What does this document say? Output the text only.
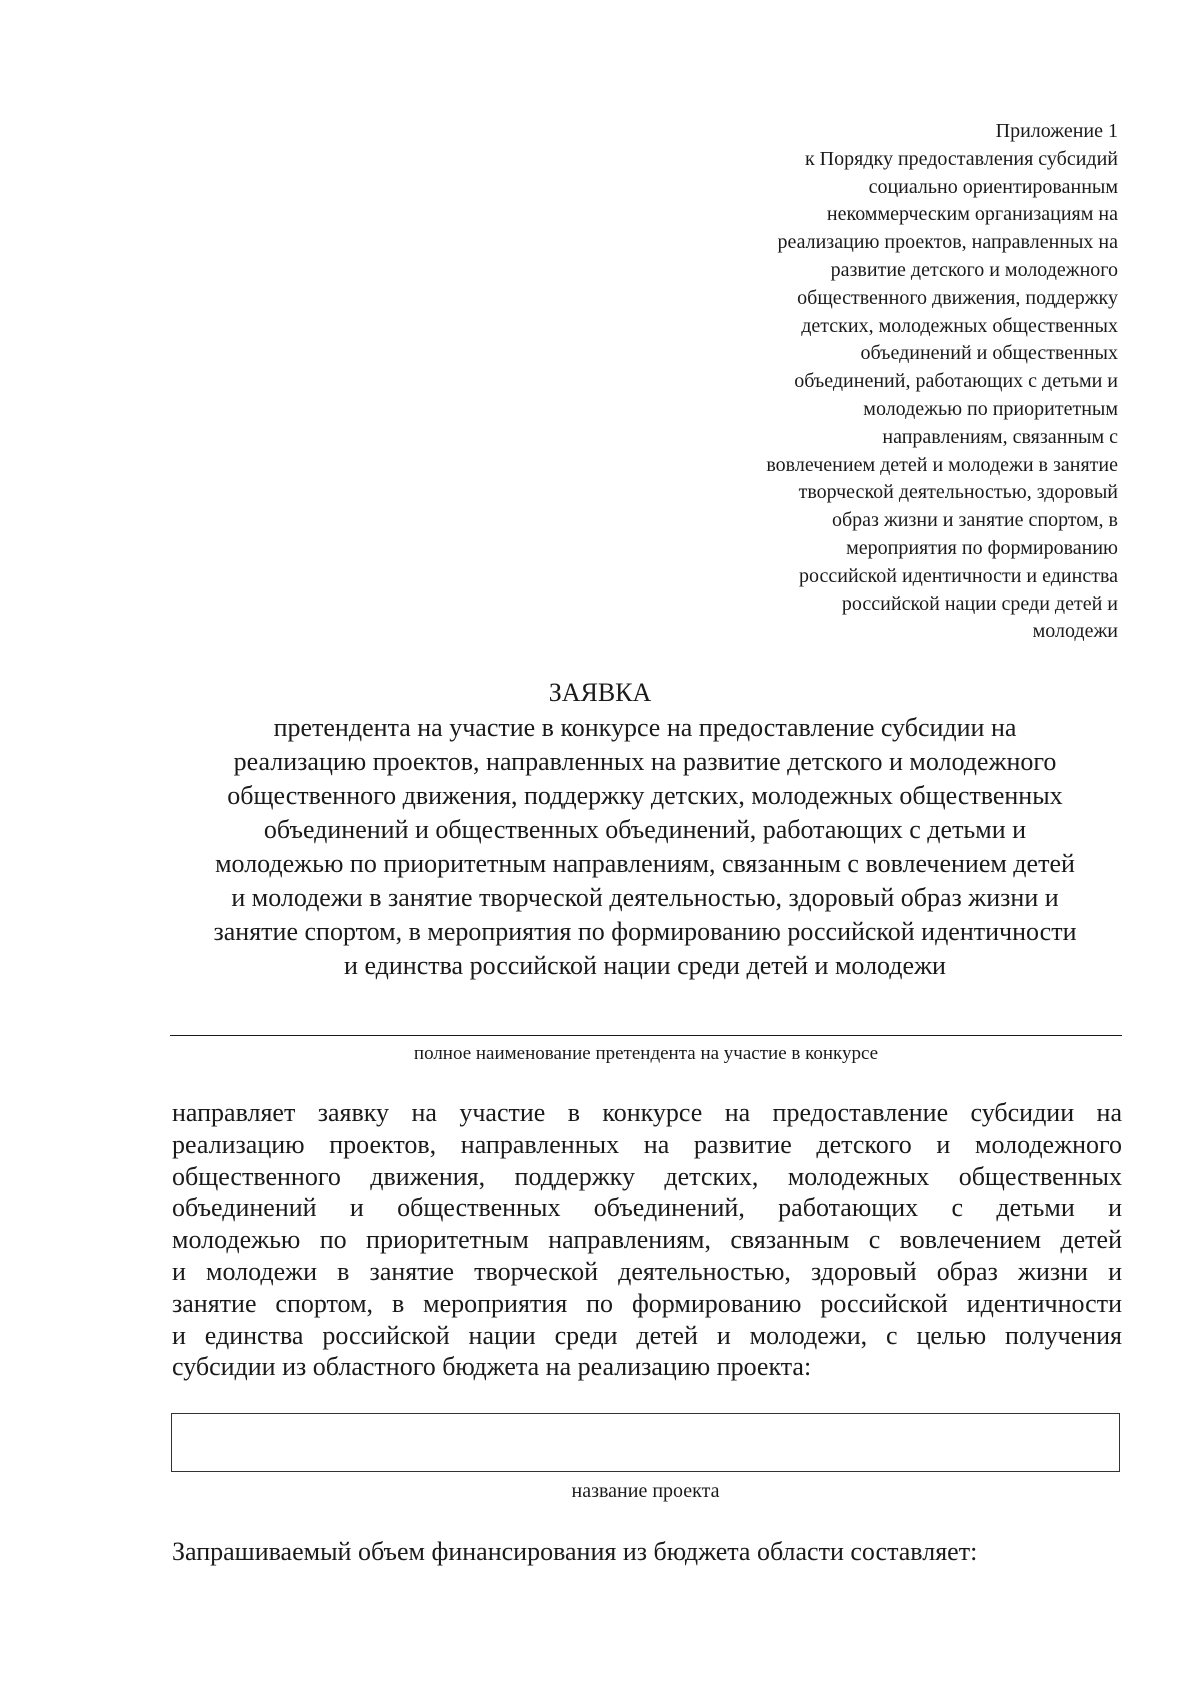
Приложение 1
к Порядку предоставления субсидий
социально ориентированным
некоммерческим организациям на
реализацию проектов, направленных на
развитие детского и молодежного
общественного движения, поддержку
детских, молодежных общественных
объединений и общественных
объединений, работающих с детьми и
молодежью по приоритетным
направлениям, связанным с
вовлечением детей и молодежи в занятие
творческой деятельностью, здоровый
образ жизни и занятие спортом, в
мероприятия по формированию
российской идентичности и единства
российской нации среди детей и
молодежи
ЗАЯВКА
претендента на участие в конкурсе на предоставление субсидии на
реализацию проектов, направленных на развитие детского и молодежного
общественного движения, поддержку детских, молодежных общественных
объединений и общественных объединений, работающих с детьми и
молодежью по приоритетным направлениям, связанным с вовлечением детей
и молодежи в занятие творческой деятельностью, здоровый образ жизни и
занятие спортом, в мероприятия по формированию российской идентичности
и единства российской нации среди детей и молодежи
полное наименование претендента на участие в конкурсе
направляет заявку на участие в конкурсе на предоставление субсидии на
реализацию проектов, направленных на развитие детского и молодежного
общественного движения, поддержку детских, молодежных общественных
объединений и общественных объединений, работающих с детьми и
молодежью по приоритетным направлениям, связанным с вовлечением детей
и молодежи в занятие творческой деятельностью, здоровый образ жизни и
занятие спортом, в мероприятия по формированию российской идентичности
и единства российской нации среди детей и молодежи, с целью получения
субсидии из областного бюджета на реализацию проекта:
название проекта
Запрашиваемый объем финансирования из бюджета области составляет:
